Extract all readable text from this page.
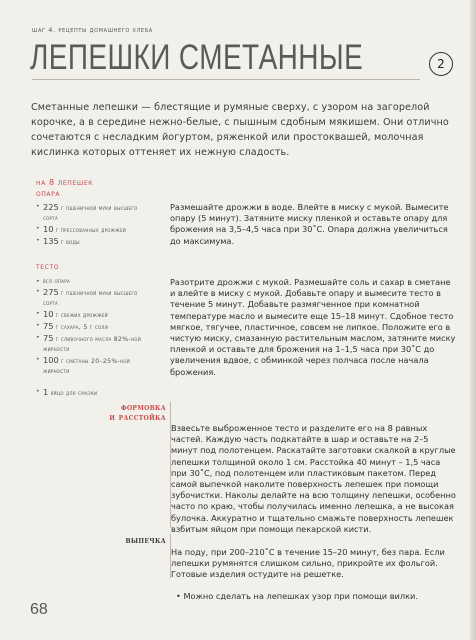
шаг 4. рецепты домашнего хлеба
ЛЕПЕШКИ СМЕТАННЫЕ	2

Сметанные лепешки — блестящие и румяные сверху, с узором на загорелой корочке, а в середине нежно-белые, с пышным сдобным мякишем. Они отлично сочетаются с несладким йогуртом, ряженкой или простоквашей, молочная кислинка которых оттеняет их нежную сладость.

на 8 лепешек
опара
• 225 г пшеничной муки высшего сорта
• 10 г прессованных дрожжей
• 135 г воды

Размешайте дрожжи в воде. Влейте в миску с мукой. Вымесите опару (5 минут). Затяните миску пленкой и оставьте опару для брожения на 3,5–4,5 часа при 30˚С. Опара должна увеличиться до максимума.

тесто
• вся опара
• 275 г пшеничной муки высшего сорта
• 10 г свежих дрожжей
• 75 г сахара, 5 г соли
• 75 г сливочного масла 82%-ной жирности
• 100 г сметаны 20–25%-ной жирности
• 1 яйцо для смазки

Разотрите дрожжи с мукой. Размешайте соль и сахар в сметане и влейте в миску с мукой. Добавьте опару и вымесите тесто в течение 5 минут. Добавьте размягченное при комнатной температуре масло и вымесите еще 15–18 минут. Сдобное тесто мягкое, тягучее, пластичное, совсем не липкое. Положите его в чистую миску, смазанную растительным маслом, затяните миску пленкой и оставьте для брожения на 1–1,5 часа при 30˚С до увеличения вдвое, с обминкой через полчаса после начала брожения.

формовка
и расстойка

Взвесьте выброженное тесто и разделите его на 8 равных частей. Каждую часть подкатайте в шар и оставьте на 2–5 минут под полотенцем. Раскатайте заготовки скалкой в круглые лепешки толщиной около 1 см. Расстойка 40 минут – 1,5 часа при 30˚С, под полотенцем или пластиковым пакетом. Перед самой выпечкой наколите поверхность лепешек при помощи зубочистки. Наколы делайте на всю толщину лепешки, особенно часто по краю, чтобы получилась именно лепешка, а не высокая булочка. Аккуратно и тщательно смажьте поверхность лепешек взбитым яйцом при помощи пекарской кисти.

выпечка

На поду, при 200–210˚С в течение 15–20 минут, без пара. Если лепешки румянятся слишком сильно, прикройте их фольгой. Готовые изделия остудите на решетке.

• Можно сделать на лепешках узор при помощи вилки.

68
